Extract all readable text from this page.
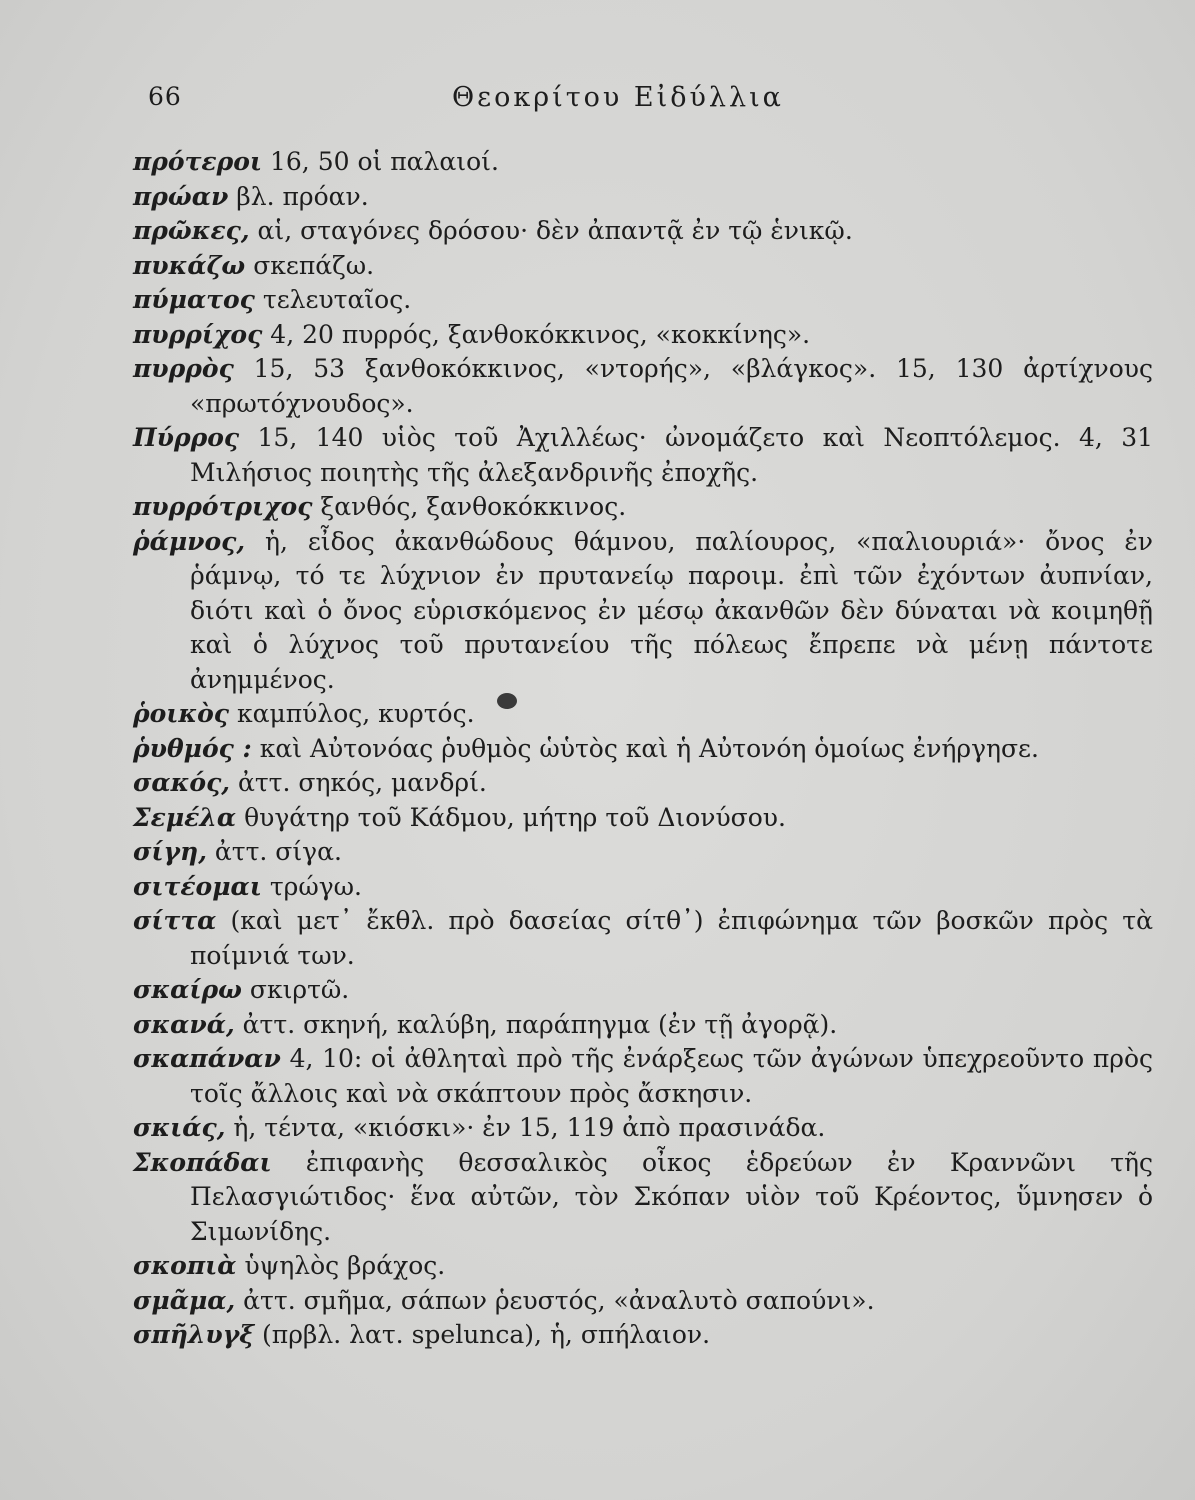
66	Θεοκρίτου Εἰδύλλια

πρότεροι 16, 50 οἱ παλαιοί.

πρώαν βλ. πρόαν.

πρῶκες, αἱ, σταγόνες δρόσου· δὲν ἀπαντᾷ ἐν τῷ ἑνικῷ.

πυκάζω σκεπάζω.

πύματος τελευταῖος.

πυρρίχος 4, 20 πυρρός, ξανθοκόκκινος, «κοκκίνης».

πυρρὸς 15, 53 ξανθοκόκκινος, «ντορής», «βλάγκος». 15, 130 ἀρτίχνους «πρωτόχνουδος».

Πύρρος 15, 140 υἱὸς τοῦ Ἀχιλλέως· ὠνομάζετο καὶ Νεοπτόλεμος. 4, 31 Μιλήσιος ποιητὴς τῆς ἀλεξανδρινῆς ἐποχῆς.

πυρρότριχος ξανθός, ξανθοκόκκινος.

ῥάμνος, ἡ, εἶδος ἀκανθώδους θάμνου, παλίουρος, «παλιουριά»· ὄνος ἐν ῥάμνῳ, τό τε λύχνιον ἐν πρυτανείῳ παροιμ. ἐπὶ τῶν ἐχόντων ἀυπνίαν, διότι καὶ ὁ ὄνος εὑρισκόμενος ἐν μέσῳ ἀκανθῶν δὲν δύναται νὰ κοιμηθῇ καὶ ὁ λύχνος τοῦ πρυτανείου τῆς πόλεως ἔπρεπε νὰ μένῃ πάντοτε ἀνημμένος.

ῥοικὸς καμπύλος, κυρτός.

ῥυθμός : καὶ Αὐτονόας ῥυθμὸς ὡὑτὸς καὶ ἡ Αὐτονόη ὁμοίως ἐνήργησε.

σακός, ἀττ. σηκός, μανδρί.

Σεμέλα θυγάτηρ τοῦ Κάδμου, μήτηρ τοῦ Διονύσου.

σίγη, ἀττ. σίγα.

σιτέομαι τρώγω.

σίττα (καὶ μετ᾽ ἔκθλ. πρὸ δασείας σίτθ᾽) ἐπιφώνημα τῶν βοσκῶν πρὸς τὰ ποίμνιά των.

σκαίρω σκιρτῶ.

σκανά, ἀττ. σκηνή, καλύβη, παράπηγμα (ἐν τῇ ἀγορᾷ).

σκαπάναν 4, 10: οἱ ἀθληταὶ πρὸ τῆς ἐνάρξεως τῶν ἀγώνων ὑπεχρεοῦντο πρὸς τοῖς ἄλλοις καὶ νὰ σκάπτουν πρὸς ἄσκησιν.

σκιάς, ἡ, τέντα, «κιόσκι»· ἐν 15, 119 ἀπὸ πρασινάδα.

Σκοπάδαι ἐπιφανὴς θεσσαλικὸς οἶκος ἑδρεύων ἐν Κραννῶνι τῆς Πελασγιώτιδος· ἕνα αὐτῶν, τὸν Σκόπαν υἱὸν τοῦ Κρέοντος, ὕμνησεν ὁ Σιμωνίδης.

σκοπιὰ ὑψηλὸς βράχος.

σμᾶμα, ἀττ. σμῆμα, σάπων ῥευστός, «ἀναλυτὸ σαπούνι».

σπῆλυγξ (πρβλ. λατ. spelunca), ἡ, σπήλαιον.
